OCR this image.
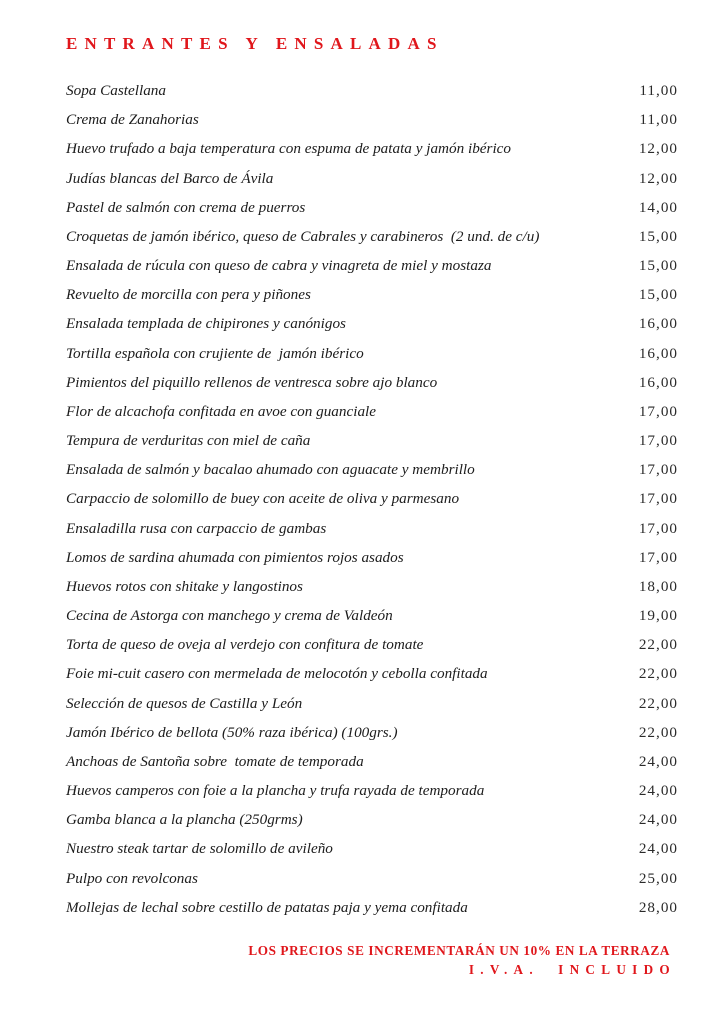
ENTRANTES Y ENSALADAS
Sopa Castellana	11,00
Crema de Zanahorias	11,00
Huevo trufado a baja temperatura con espuma de patata y jamón ibérico	12,00
Judías blancas del Barco de Ávila	12,00
Pastel de salmón con crema de puerros	14,00
Croquetas de jamón ibérico, queso de Cabrales y carabineros  (2 und. de c/u)	15,00
Ensalada de rúcula con queso de cabra y vinagreta de miel y mostaza	15,00
Revuelto de morcilla con pera y piñones	15,00
Ensalada templada de chipirones y canónigos	16,00
Tortilla española con crujiente de  jamón ibérico	16,00
Pimientos del piquillo rellenos de ventresca sobre ajo blanco	16,00
Flor de alcachofa confitada en avoe con guanciale	17,00
Tempura de verduritas con miel de caña	17,00
Ensalada de salmón y bacalao ahumado con aguacate y membrillo	17,00
Carpaccio de solomillo de buey con aceite de oliva y parmesano	17,00
Ensaladilla rusa con carpaccio de gambas	17,00
Lomos de sardina ahumada con pimientos rojos asados	17,00
Huevos rotos con shitake y langostinos	18,00
Cecina de Astorga con manchego y crema de Valdeón	19,00
Torta de queso de oveja al verdejo con confitura de tomate	22,00
Foie mi-cuit casero con mermelada de melocotón y cebolla confitada	22,00
Selección de quesos de Castilla y León	22,00
Jamón Ibérico de bellota (50% raza ibérica) (100grs.)	22,00
Anchoas de Santoña sobre  tomate de temporada	24,00
Huevos camperos con foie a la plancha y trufa rayada de temporada	24,00
Gamba blanca a la plancha (250grms)	24,00
Nuestro steak tartar de solomillo de avileño	24,00
Pulpo con revolconas	25,00
Mollejas de lechal sobre cestillo de patatas paja y yema confitada	28,00
LOS PRECIOS SE INCREMENTARÁN UN 10% EN LA TERRAZA
I.V.A.  INCLUIDO
